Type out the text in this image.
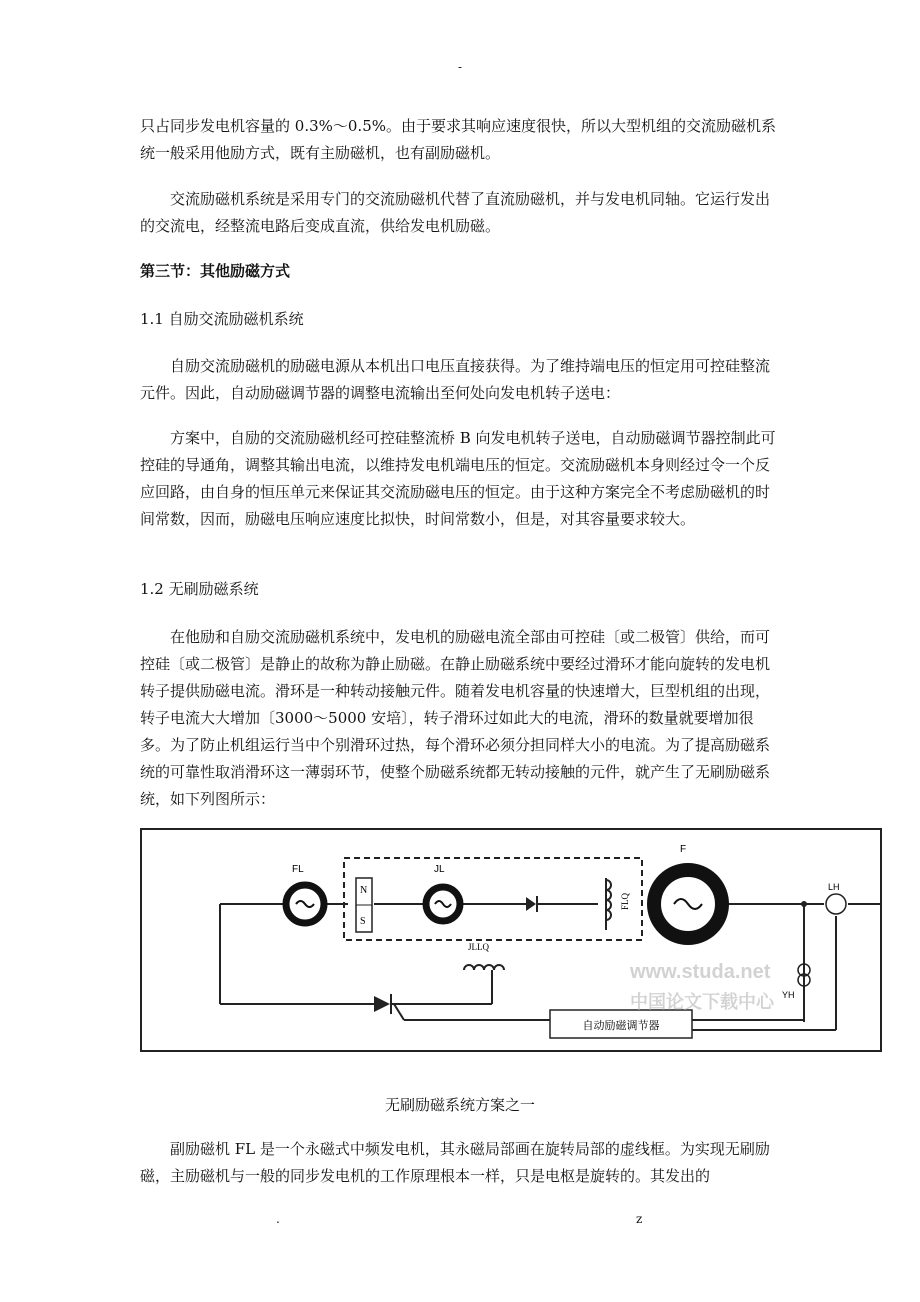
-

只占同步发电机容量的 0.3%～0.5%。由于要求其响应速度很快，所以大型机组的交流励磁机系统一般采用他励方式，既有主励磁机，也有副励磁机。

交流励磁机系统是采用专门的交流励磁机代替了直流励磁机，并与发电机同轴。它运行发出的交流电，经整流电路后变成直流，供给发电机励磁。

第三节：其他励磁方式

1.1 自励交流励磁机系统

自励交流励磁机的励磁电源从本机出口电压直接获得。为了维持端电压的恒定用可控硅整流元件。因此，自动励磁调节器的调整电流输出至何处向发电机转子送电：

方案中，自励的交流励磁机经可控硅整流桥 B 向发电机转子送电，自动励磁调节器控制此可控硅的导通角，调整其输出电流，以维持发电机端电压的恒定。交流励磁机本身则经过令一个反应回路，由自身的恒压单元来保证其交流励磁电压的恒定。由于这种方案完全不考虑励磁机的时间常数，因而，励磁电压响应速度比拟快，时间常数小，但是，对其容量要求较大。

1.2 无刷励磁系统

在他励和自励交流励磁机系统中，发电机的励磁电流全部由可控硅〔或二极管〕供给，而可控硅〔或二极管〕是静止的故称为静止励磁。在静止励磁系统中要经过滑环才能向旋转的发电机转子提供励磁电流。滑环是一种转动接触元件。随着发电机容量的快速增大，巨型机组的出现，转子电流大大增加〔3000～5000 安培〕，转子滑环过如此大的电流，滑环的数量就要增加很多。为了防止机组运行当中个别滑环过热，每个滑环必须分担同样大小的电流。为了提高励磁系统的可靠性取消滑环这一薄弱环节，使整个励磁系统都无转动接触的元件，就产生了无刷励磁系统，如下列图所示：

FL
N
S
JL
FLQ
F
LH
YH
JLLQ
自动励磁调节器
www.studa.net
中国论文下载中心
无刷励磁系统方案之一

副励磁机 FL 是一个永磁式中频发电机，其永磁局部画在旋转局部的虚线框。为实现无刷励磁，主励磁机与一般的同步发电机的工作原理根本一样，只是电枢是旋转的。其发出的

.	z
